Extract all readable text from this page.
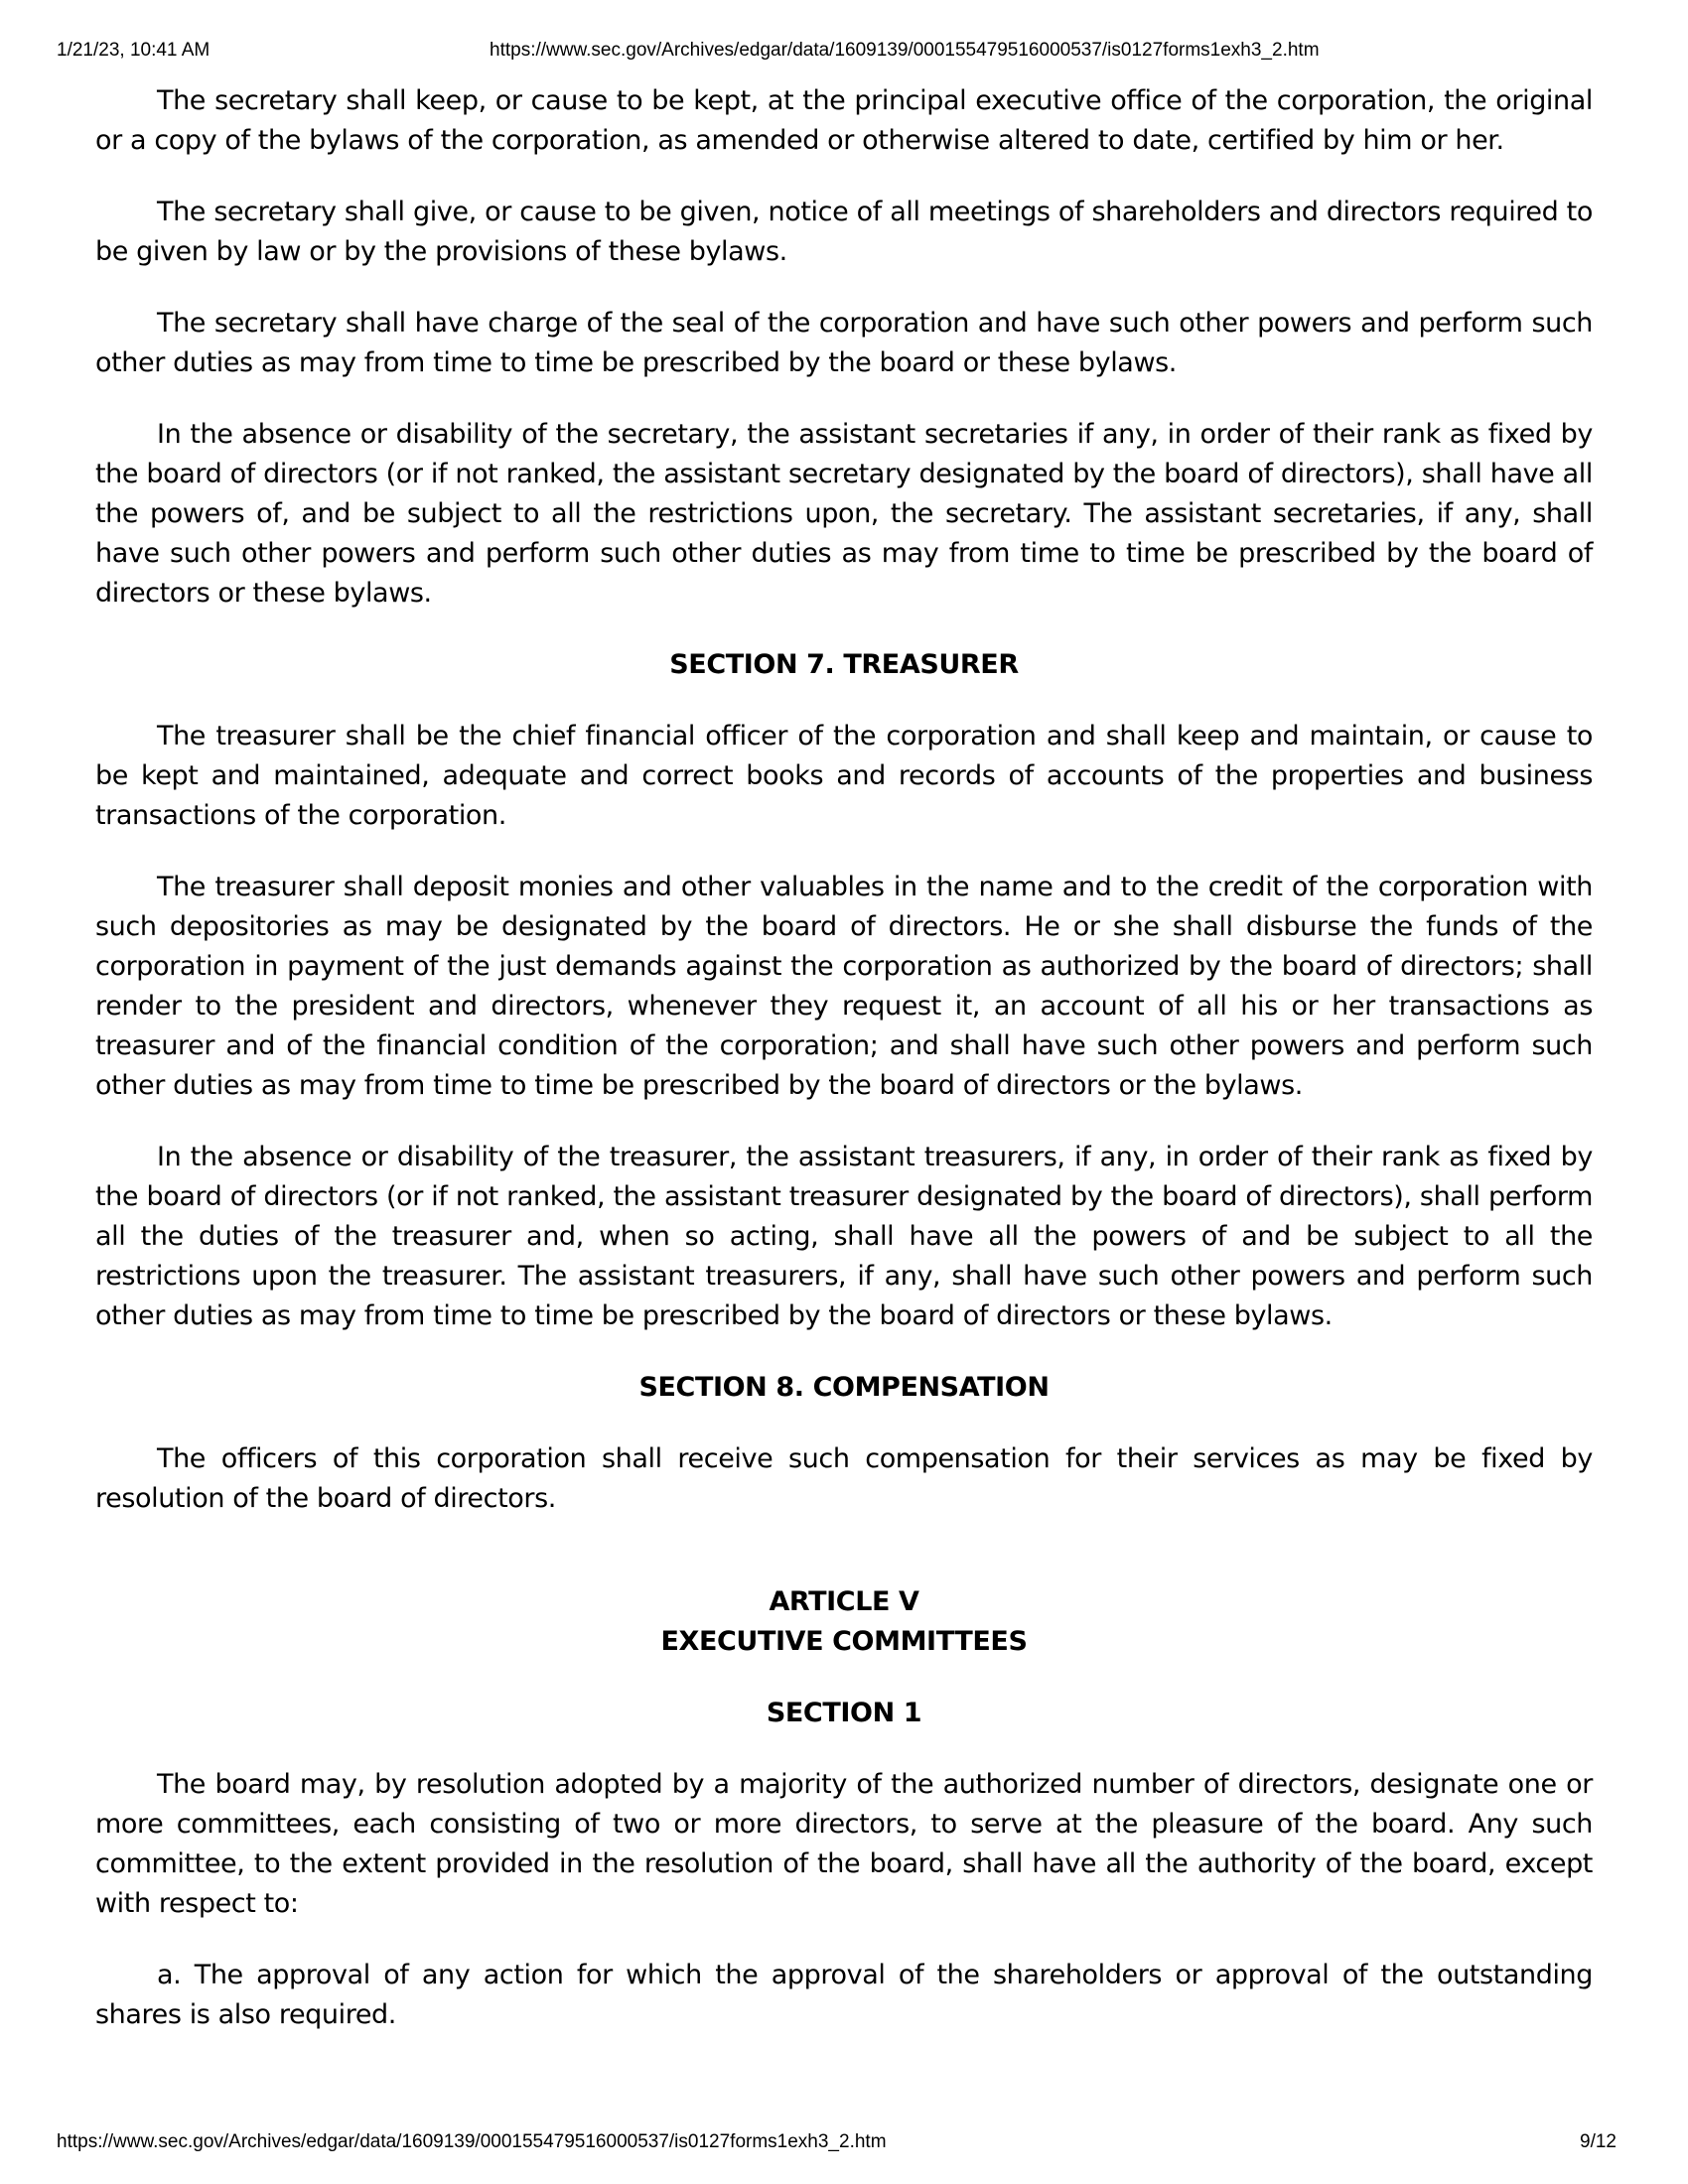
1/21/23, 10:41 AM	https://www.sec.gov/Archives/edgar/data/1609139/000155479516000537/is0127forms1exh3_2.htm

The secretary shall keep, or cause to be kept, at the principal executive office of the corporation, the original or a copy of the bylaws of the corporation, as amended or otherwise altered to date, certified by him or her.

The secretary shall give, or cause to be given, notice of all meetings of shareholders and directors required to be given by law or by the provisions of these bylaws.

The secretary shall have charge of the seal of the corporation and have such other powers and perform such other duties as may from time to time be prescribed by the board or these bylaws.

In the absence or disability of the secretary, the assistant secretaries if any, in order of their rank as fixed by the board of directors (or if not ranked, the assistant secretary designated by the board of directors), shall have all the powers of, and be subject to all the restrictions upon, the secretary. The assistant secretaries, if any, shall have such other powers and perform such other duties as may from time to time be prescribed by the board of directors or these bylaws.

SECTION 7. TREASURER

The treasurer shall be the chief financial officer of the corporation and shall keep and maintain, or cause to be kept and maintained, adequate and correct books and records of accounts of the properties and business transactions of the corporation.

The treasurer shall deposit monies and other valuables in the name and to the credit of the corporation with such depositories as may be designated by the board of directors. He or she shall disburse the funds of the corporation in payment of the just demands against the corporation as authorized by the board of directors; shall render to the president and directors, whenever they request it, an account of all his or her transactions as treasurer and of the financial condition of the corporation; and shall have such other powers and perform such other duties as may from time to time be prescribed by the board of directors or the bylaws.

In the absence or disability of the treasurer, the assistant treasurers, if any, in order of their rank as fixed by the board of directors (or if not ranked, the assistant treasurer designated by the board of directors), shall perform all the duties of the treasurer and, when so acting, shall have all the powers of and be subject to all the restrictions upon the treasurer. The assistant treasurers, if any, shall have such other powers and perform such other duties as may from time to time be prescribed by the board of directors or these bylaws.

SECTION 8. COMPENSATION

The officers of this corporation shall receive such compensation for their services as may be fixed by resolution of the board of directors.

ARTICLE V
EXECUTIVE COMMITTEES
SECTION 1

The board may, by resolution adopted by a majority of the authorized number of directors, designate one or more committees, each consisting of two or more directors, to serve at the pleasure of the board. Any such committee, to the extent provided in the resolution of the board, shall have all the authority of the board, except with respect to:

a. The approval of any action for which the approval of the shareholders or approval of the outstanding shares is also required.

https://www.sec.gov/Archives/edgar/data/1609139/000155479516000537/is0127forms1exh3_2.htm	9/12
